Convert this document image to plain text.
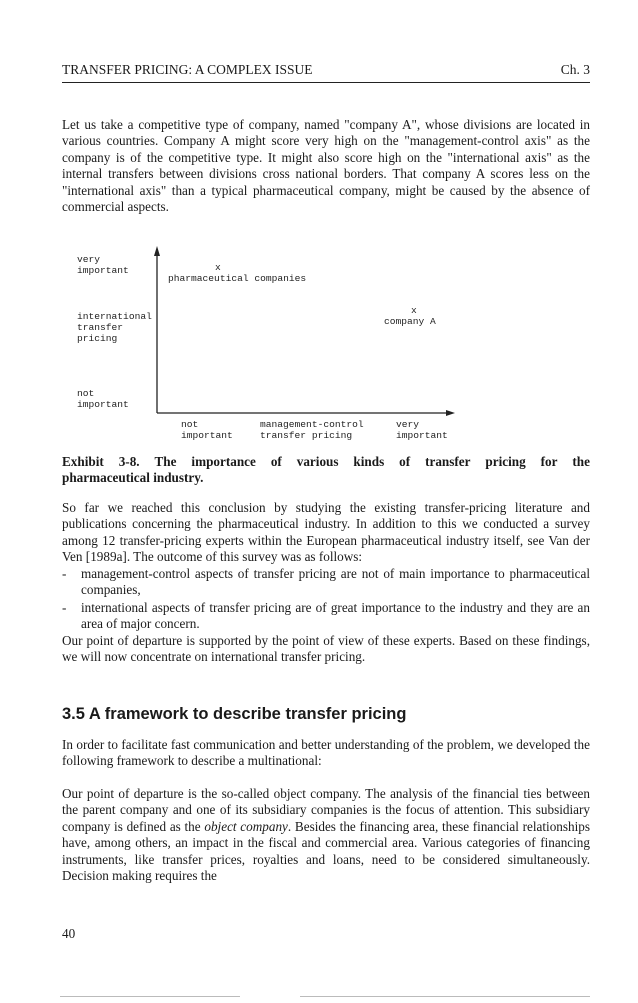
TRANSFER PRICING: A COMPLEX ISSUE	Ch. 3

Let us take a competitive type of company, named "company A", whose divisions are located in various countries. Company A might score very high on the "management-control axis" as the company is of the competitive type. It might also score high on the "international axis" as the internal transfers between divisions cross national borders. That company A scores less on the "international axis" than a typical pharmaceutical company, might be caused by the absence of commercial aspects.

very
important
international
transfer
pricing
not
important
x
pharmaceutical companies
x
company A
not
important
management-control
transfer pricing
very
important
Exhibit 3-8. The importance of various kinds of transfer pricing for the
pharmaceutical industry.

So far we reached this conclusion by studying the existing transfer-pricing literature and publications concerning the pharmaceutical industry. In addition to this we conducted a survey among 12 transfer-pricing experts within the European pharmaceutical industry itself, see Van der Ven [1989a]. The outcome of this survey was as follows:

- management-control aspects of transfer pricing are not of main importance to pharmaceutical companies,
- international aspects of transfer pricing are of great importance to the industry and they are an area of major concern.

Our point of departure is supported by the point of view of these experts. Based on these findings, we will now concentrate on international transfer pricing.

3.5 A framework to describe transfer pricing

In order to facilitate fast communication and better understanding of the problem, we developed the following framework to describe a multinational:

Our point of departure is the so-called object company. The analysis of the financial ties between the parent company and one of its subsidiary companies is the focus of attention. This subsidiary company is defined as the object company. Besides the financing area, these financial relationships have, among others, an impact in the fiscal and commercial area. Various categories of financing instruments, like transfer prices, royalties and loans, need to be considered simultaneously. Decision making requires the

40
